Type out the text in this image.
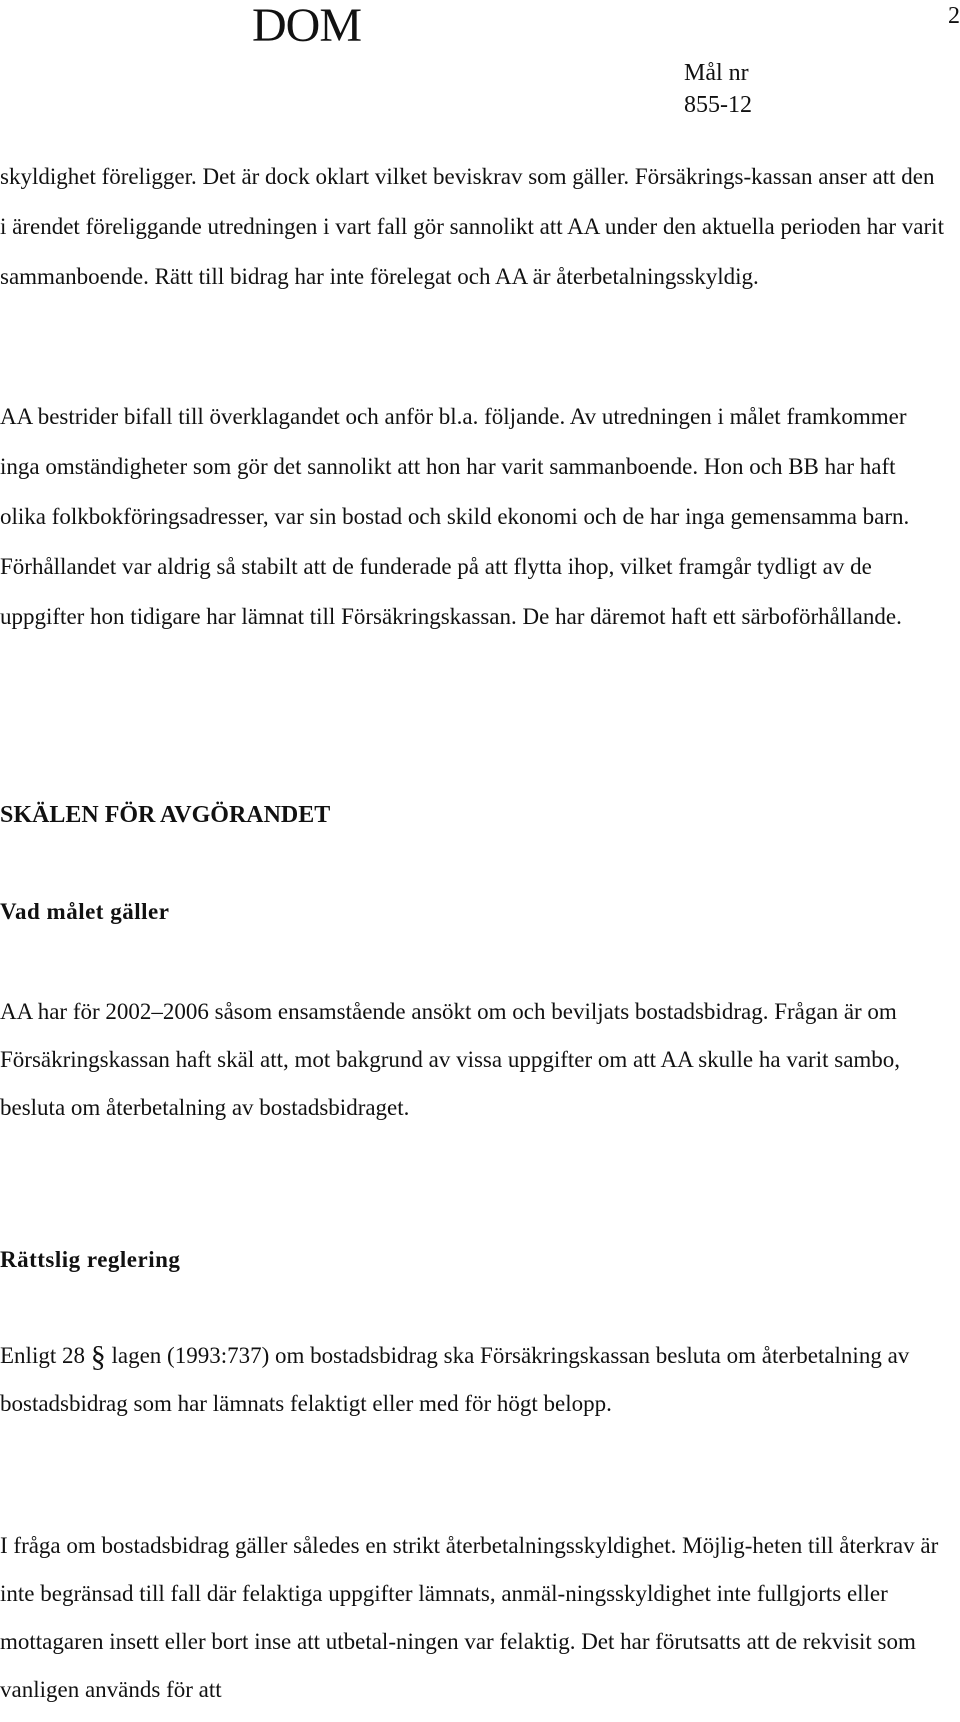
DOM	2
Mål nr
855-12

skyldighet föreligger. Det är dock oklart vilket beviskrav som gäller. Försäkrings-kassan anser att den i ärendet föreliggande utredningen i vart fall gör sannolikt att AA under den aktuella perioden har varit sammanboende. Rätt till bidrag har inte förelegat och AA är återbetalningsskyldig.

AA bestrider bifall till överklagandet och anför bl.a. följande. Av utredningen i målet framkommer inga omständigheter som gör det sannolikt att hon har varit sammanboende. Hon och BB har haft olika folkbokföringsadresser, var sin bostad och skild ekonomi och de har inga gemensamma barn. Förhållandet var aldrig så stabilt att de funderade på att flytta ihop, vilket framgår tydligt av de uppgifter hon tidigare har lämnat till Försäkringskassan. De har däremot haft ett särboförhållande.

SKÄLEN FÖR AVGÖRANDET
Vad målet gäller

AA har för 2002–2006 såsom ensamstående ansökt om och beviljats bostadsbidrag. Frågan är om Försäkringskassan haft skäl att, mot bakgrund av vissa uppgifter om att AA skulle ha varit sambo, besluta om återbetalning av bostadsbidraget.

Rättslig reglering

Enligt 28 § lagen (1993:737) om bostadsbidrag ska Försäkringskassan besluta om återbetalning av bostadsbidrag som har lämnats felaktigt eller med för högt belopp.

I fråga om bostadsbidrag gäller således en strikt återbetalningsskyldighet. Möjlig-heten till återkrav är inte begränsad till fall där felaktiga uppgifter lämnats, anmäl-ningsskyldighet inte fullgjorts eller mottagaren insett eller bort inse att utbetal-ningen var felaktig. Det har förutsatts att de rekvisit som vanligen används för att
